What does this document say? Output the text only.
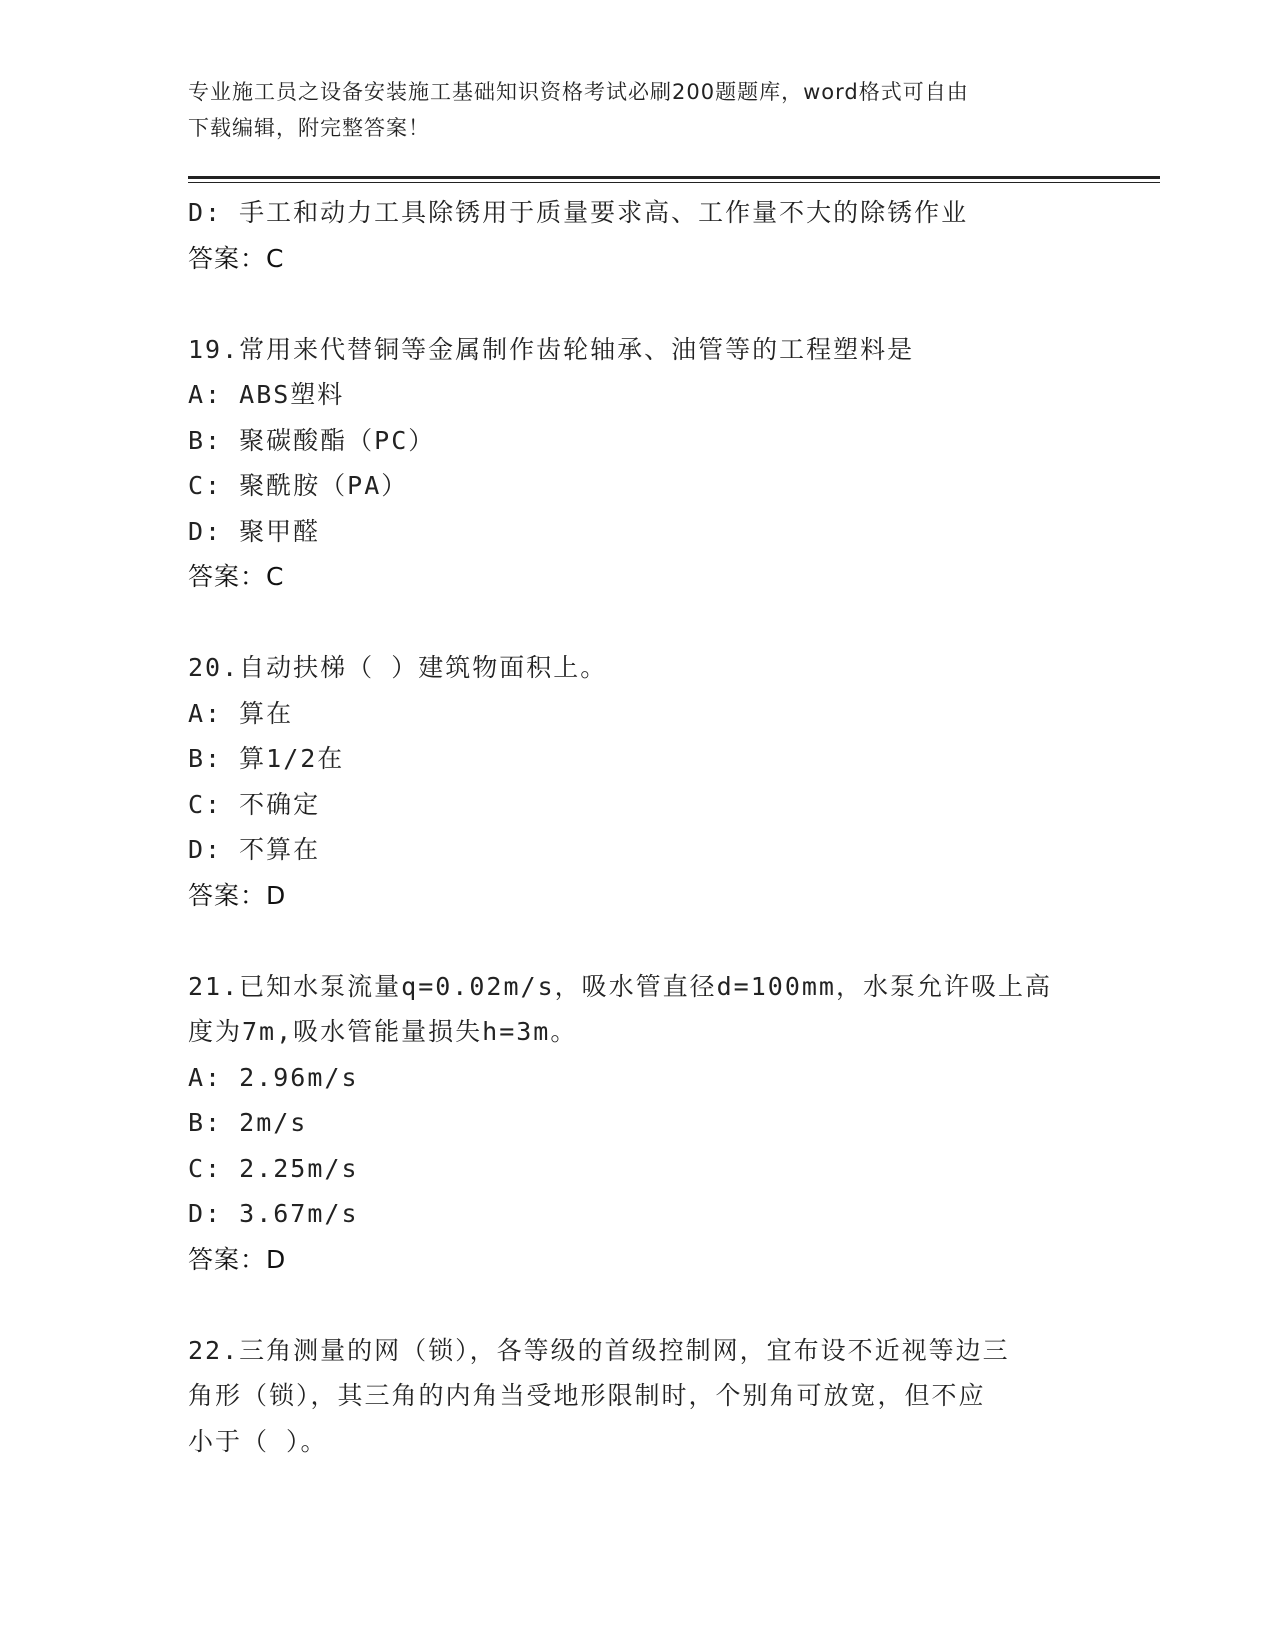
专业施工员之设备安装施工基础知识资格考试必刷200题题库，word格式可自由
下载编辑，附完整答案！
D: 手工和动力工具除锈用于质量要求高、工作量不大的除锈作业
答案：C
19.常用来代替铜等金属制作齿轮轴承、油管等的工程塑料是
A: ABS塑料
B: 聚碳酸酯（PC）
C: 聚酰胺（PA）
D: 聚甲醛
答案：C
20.自动扶梯（ ）建筑物面积上。
A: 算在
B: 算1/2在
C: 不确定
D: 不算在
答案：D
21.已知水泵流量q=0.02m/s，吸水管直径d=100mm，水泵允许吸上高
度为7m,吸水管能量损失h=3m。
A: 2.96m/s
B: 2m/s
C: 2.25m/s
D: 3.67m/s
答案：D
22.三角测量的网（锁），各等级的首级控制网，宜布设不近视等边三
角形（锁），其三角的内角当受地形限制时，个别角可放宽，但不应
小于（ ）。
